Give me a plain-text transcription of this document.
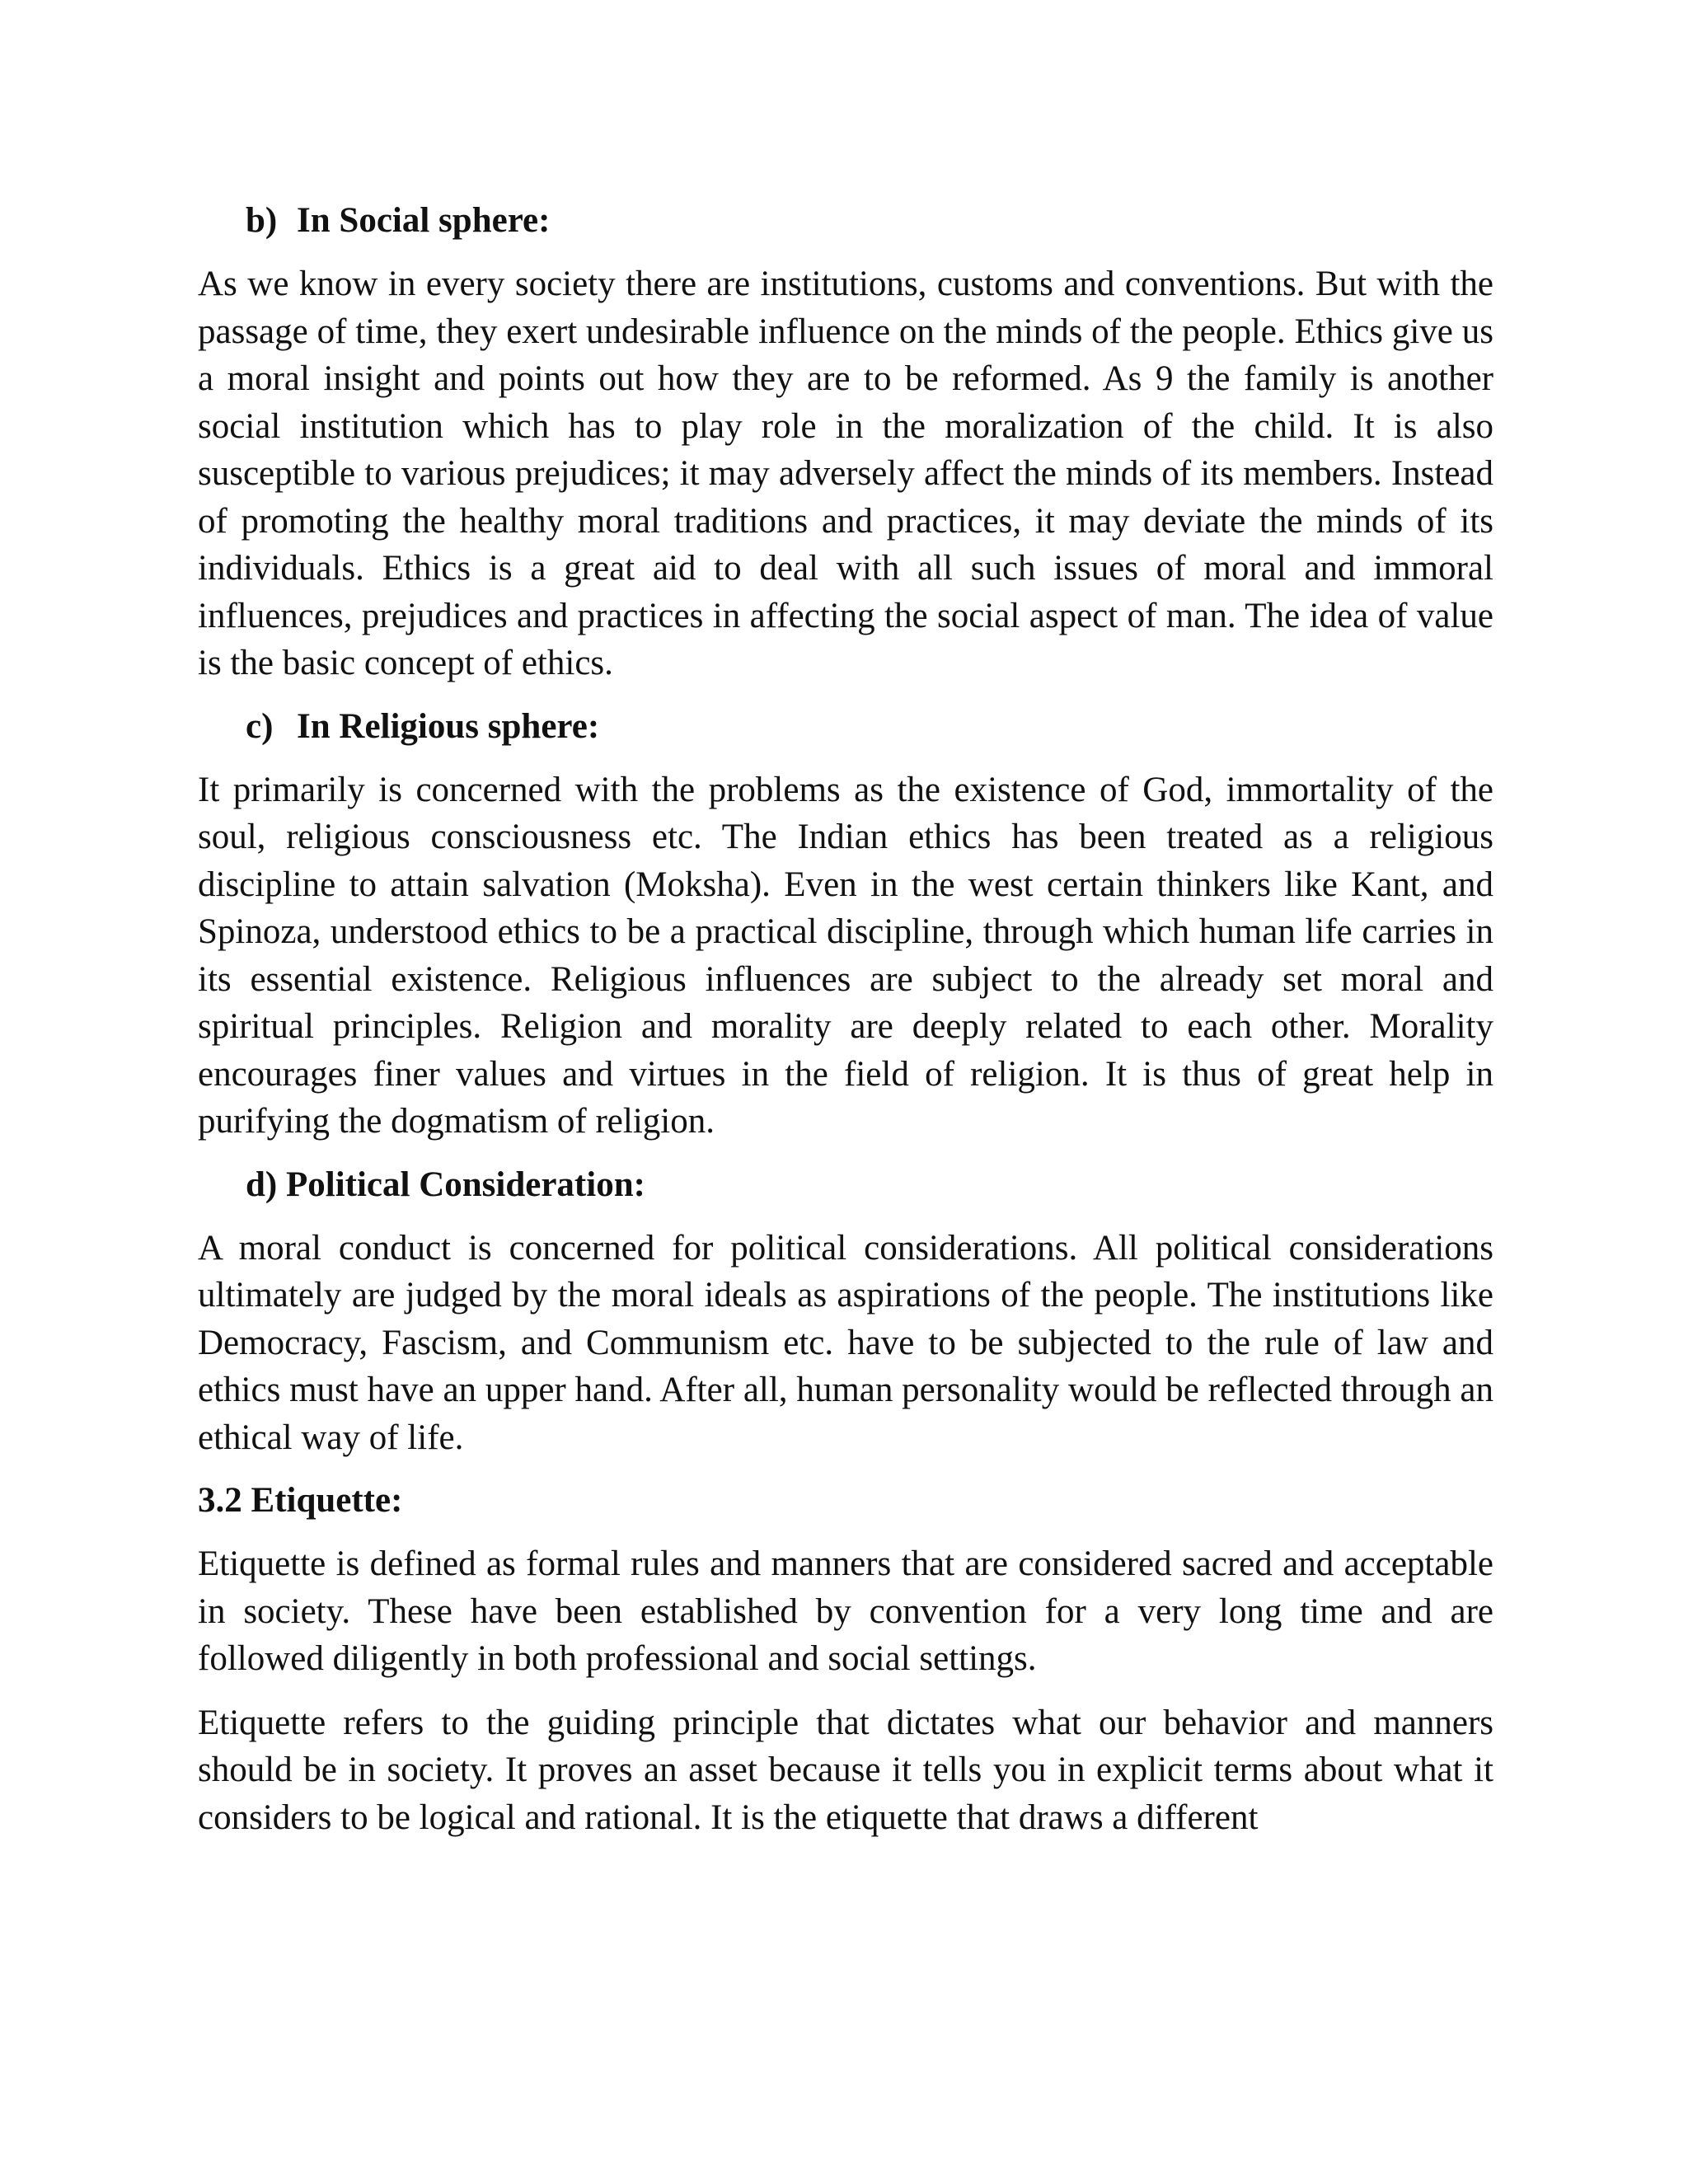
b) In Social sphere:

As we know in every society there are institutions, customs and conventions. But with the passage of time, they exert undesirable influence on the minds of the people. Ethics give us a moral insight and points out how they are to be reformed. As 9 the family is another social institution which has to play role in the moralization of the child. It is also susceptible to various prejudices; it may adversely affect the minds of its members. Instead of promoting the healthy moral traditions and practices, it may deviate the minds of its individuals. Ethics is a great aid to deal with all such issues of moral and immoral influences, prejudices and practices in affecting the social aspect of man. The idea of value is the basic concept of ethics.

c) In Religious sphere:

It primarily is concerned with the problems as the existence of God, immortality of the soul, religious consciousness etc. The Indian ethics has been treated as a religious discipline to attain salvation (Moksha). Even in the west certain thinkers like Kant, and Spinoza, understood ethics to be a practical discipline, through which human life carries in its essential existence. Religious influences are subject to the already set moral and spiritual principles. Religion and morality are deeply related to each other. Morality encourages finer values and virtues in the field of religion. It is thus of great help in purifying the dogmatism of religion.

d) Political Consideration:

A moral conduct is concerned for political considerations. All political considerations ultimately are judged by the moral ideals as aspirations of the people. The institutions like Democracy, Fascism, and Communism etc. have to be subjected to the rule of law and ethics must have an upper hand. After all, human personality would be reflected through an ethical way of life.

3.2 Etiquette:

Etiquette is defined as formal rules and manners that are considered sacred and acceptable in society. These have been established by convention for a very long time and are followed diligently in both professional and social settings.

Etiquette refers to the guiding principle that dictates what our behavior and manners should be in society. It proves an asset because it tells you in explicit terms about what it considers to be logical and rational. It is the etiquette that draws a different
